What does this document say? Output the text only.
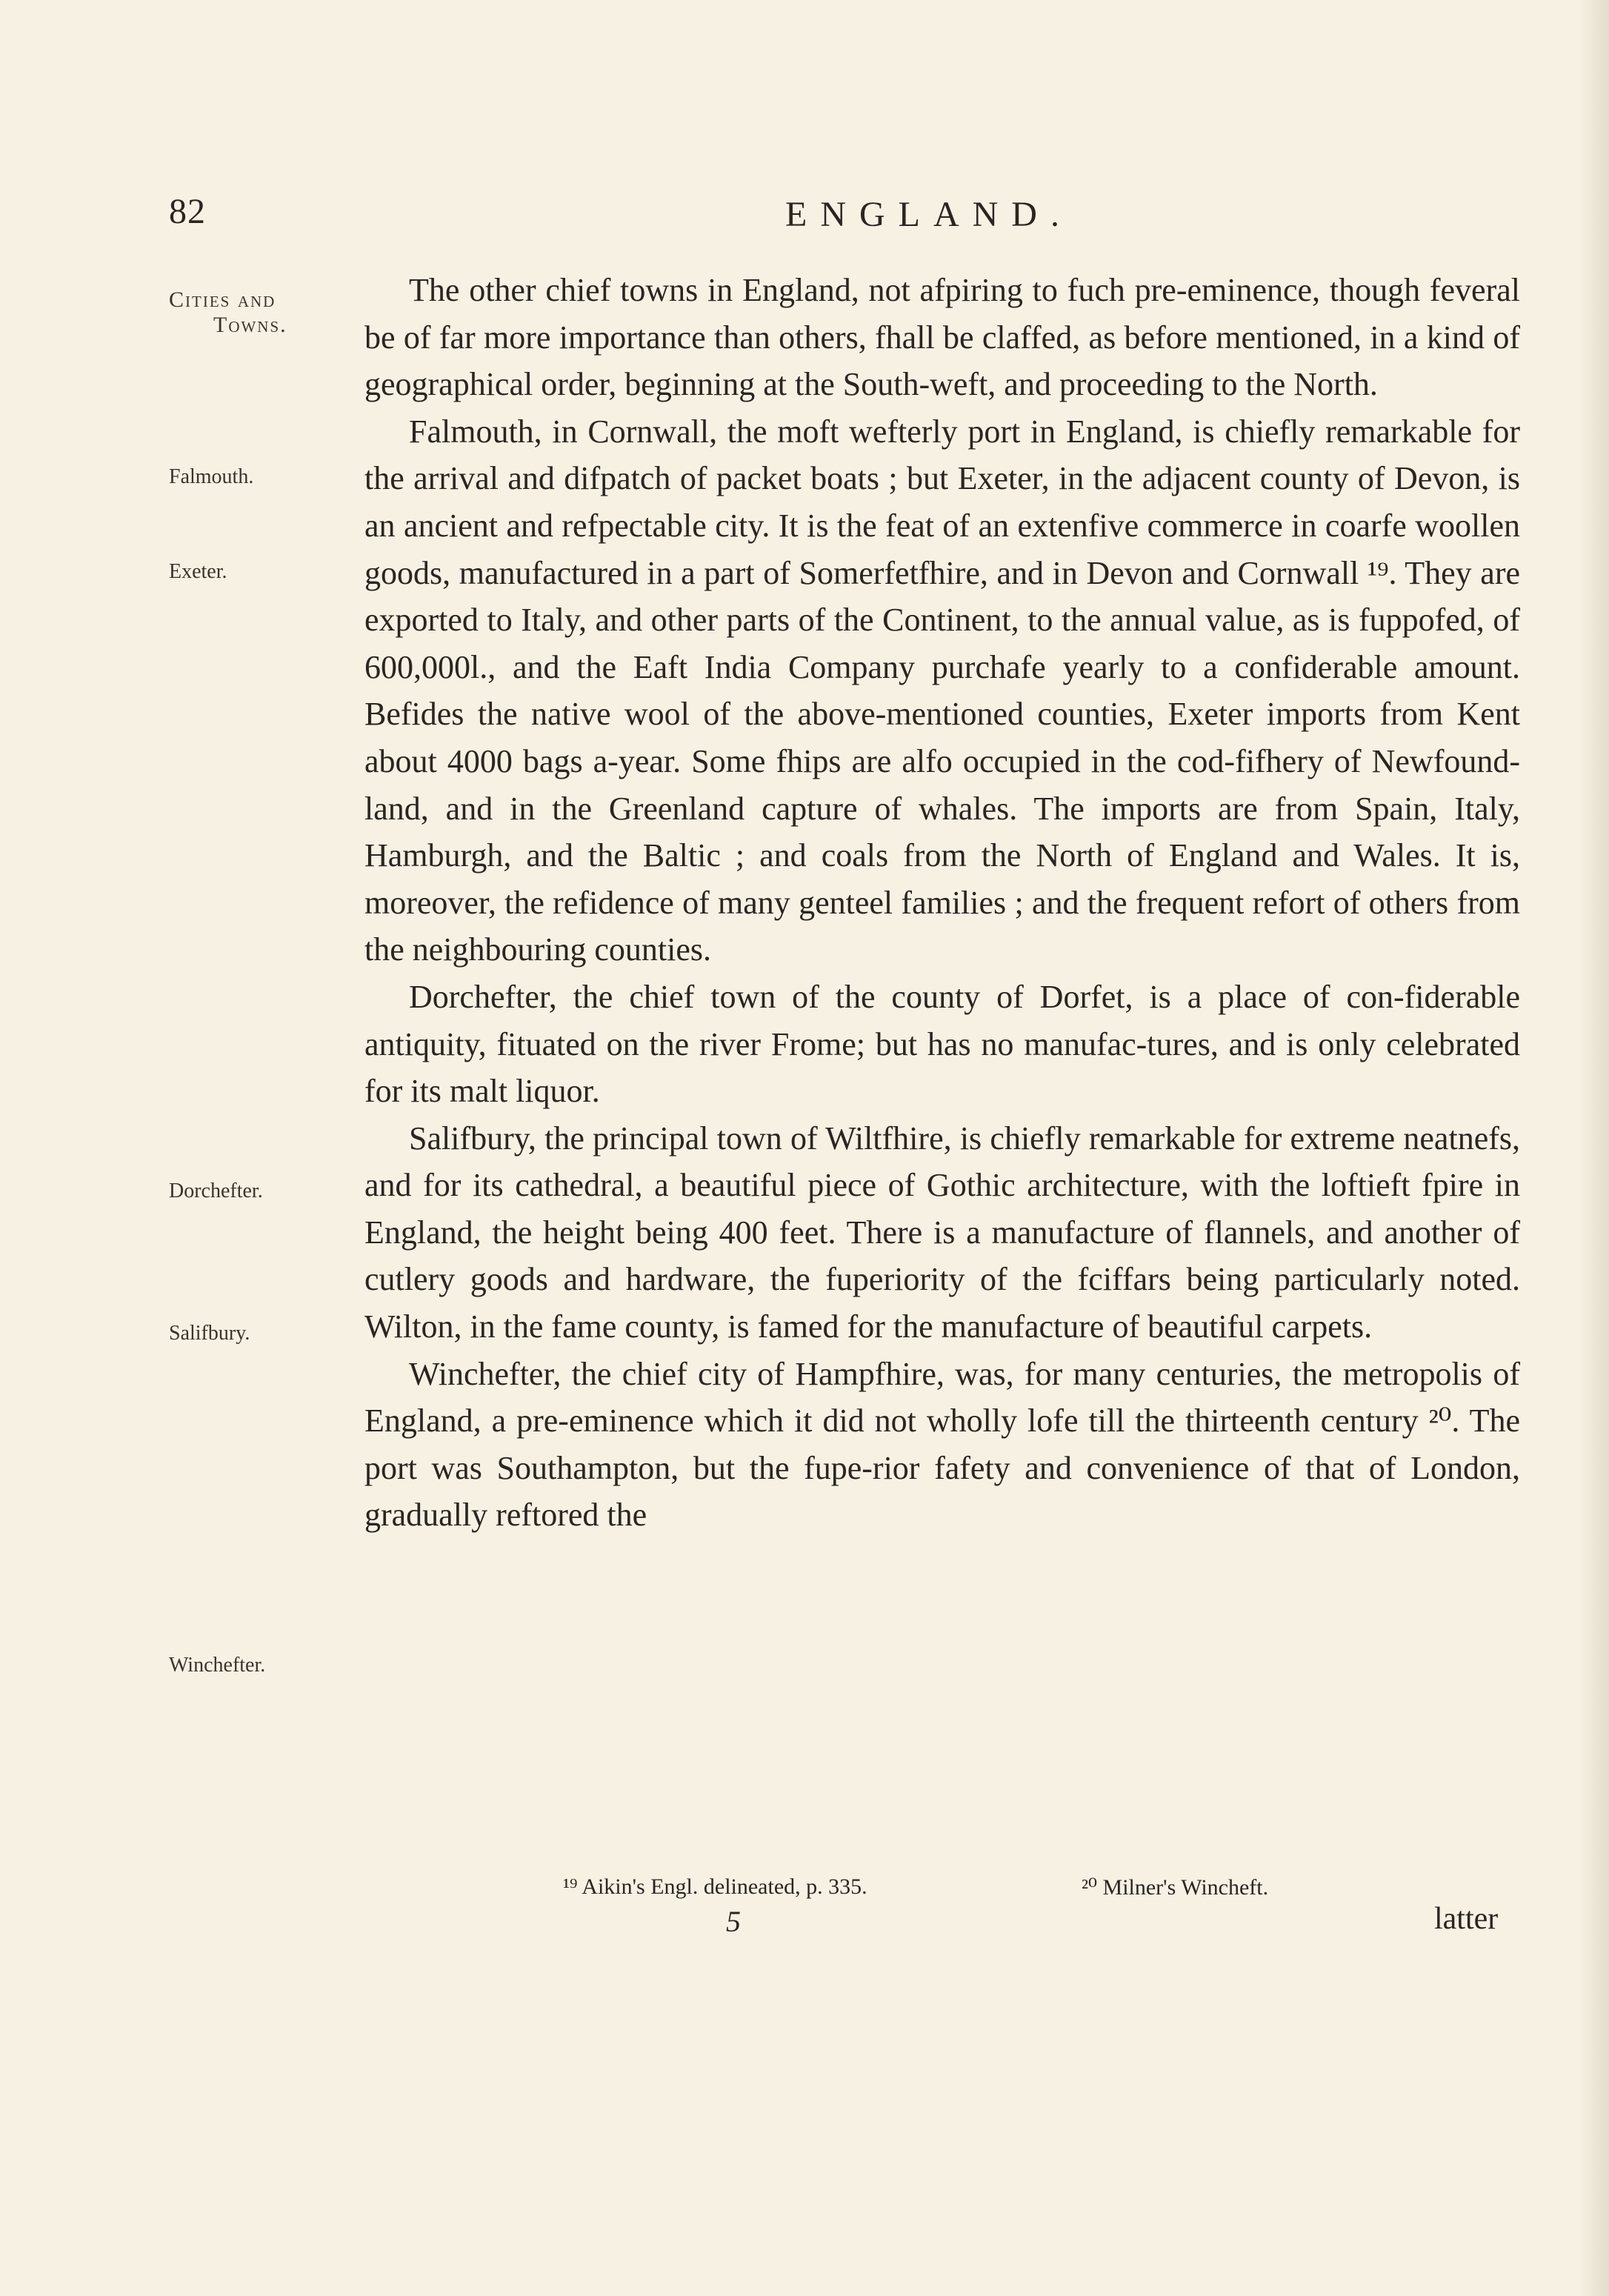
82	ENGLAND.
Cities and
Towns.
Falmouth.
Exeter.
Dorchefter.
Salifbury.
Winchefter.

The other chief towns in England, not afpiring to fuch pre-eminence, though feveral be of far more importance than others, fhall be claffed, as before mentioned, in a kind of geographical order, beginning at the South-weft, and proceeding to the North.

Falmouth, in Cornwall, the moft wefterly port in England, is chiefly remarkable for the arrival and difpatch of packet boats ; but Exeter, in the adjacent county of Devon, is an ancient and refpectable city. It is the feat of an extenfive commerce in coarfe woollen goods, manufactured in a part of Somerfetfhire, and in Devon and Cornwall ¹⁹. They are exported to Italy, and other parts of the Continent, to the annual value, as is fuppofed, of 600,000l., and the Eaft India Company purchafe yearly to a confiderable amount. Befides the native wool of the above-mentioned counties, Exeter imports from Kent about 4000 bags a-year. Some fhips are alfo occupied in the cod-fifhery of Newfound-land, and in the Greenland capture of whales. The imports are from Spain, Italy, Hamburgh, and the Baltic ; and coals from the North of England and Wales. It is, moreover, the refidence of many genteel families ; and the frequent refort of others from the neighbouring counties.

Dorchefter, the chief town of the county of Dorfet, is a place of con-fiderable antiquity, fituated on the river Frome; but has no manufac-tures, and is only celebrated for its malt liquor.

Salifbury, the principal town of Wiltfhire, is chiefly remarkable for extreme neatnefs, and for its cathedral, a beautiful piece of Gothic architecture, with the loftieft fpire in England, the height being 400 feet. There is a manufacture of flannels, and another of cutlery goods and hardware, the fuperiority of the fciffars being particularly noted. Wilton, in the fame county, is famed for the manufacture of beautiful carpets.

Winchefter, the chief city of Hampfhire, was, for many centuries, the metropolis of England, a pre-eminence which it did not wholly lofe till the thirteenth century ²⁰. The port was Southampton, but the fupe-rior fafety and convenience of that of London, gradually reftored the

¹⁹ Aikin's Engl. delineated, p. 335.	²⁰ Milner's Wincheft.
5	latter
